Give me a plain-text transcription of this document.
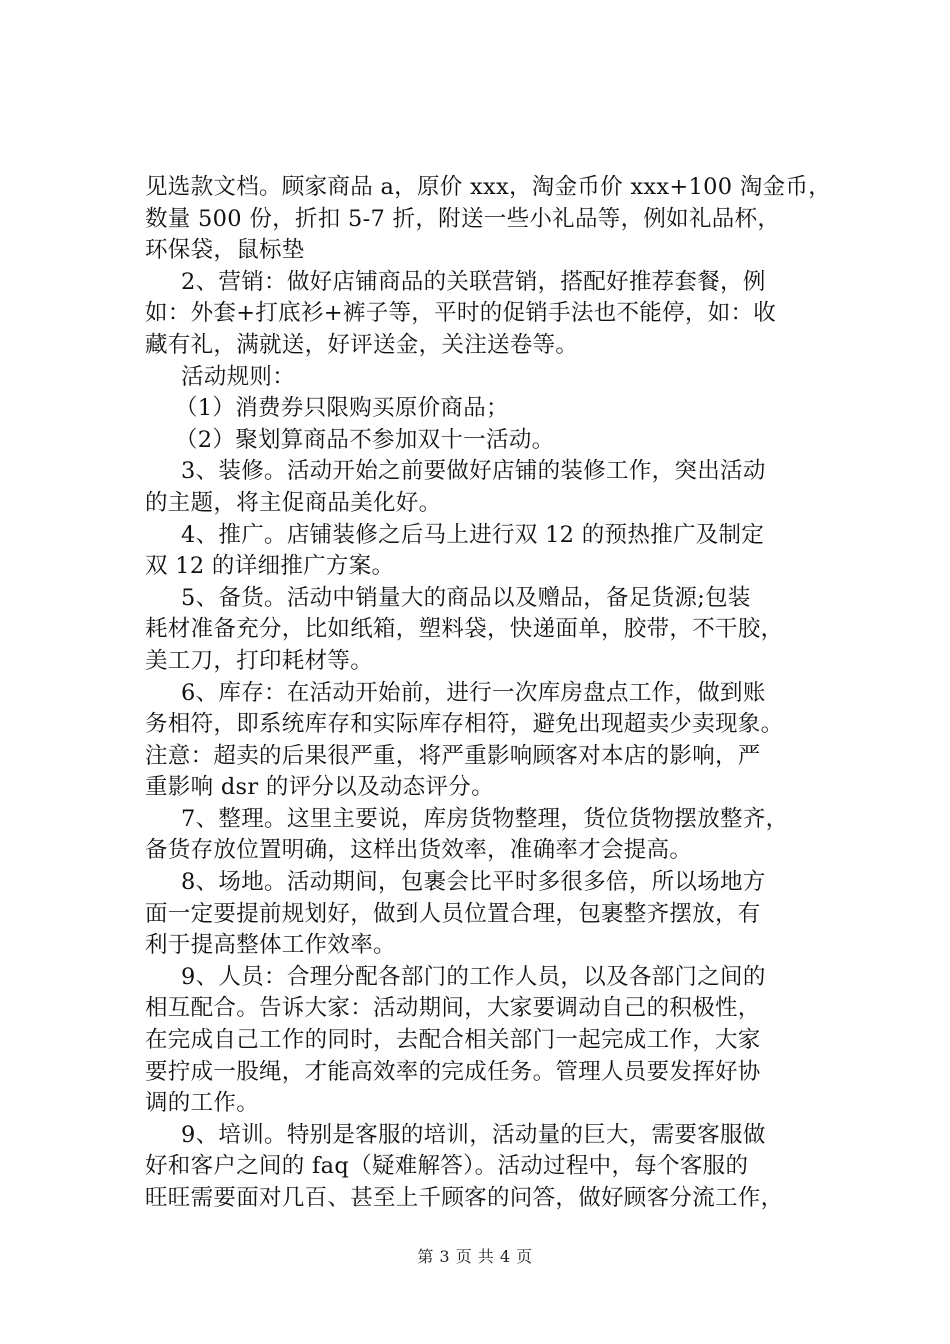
见选款文档。顾家商品 a，原价 xxx，淘金币价 xxx+100 淘金币，
数量 500 份，折扣 5-7 折，附送一些小礼品等，例如礼品杯，
环保袋，鼠标垫
2、营销：做好店铺商品的关联营销，搭配好推荐套餐，例
如：外套+打底衫+裤子等，平时的促销手法也不能停，如：收
藏有礼，满就送，好评送金，关注送卷等。
活动规则：
（1）消费券只限购买原价商品；
（2）聚划算商品不参加双十一活动。
3、装修。活动开始之前要做好店铺的装修工作，突出活动
的主题，将主促商品美化好。
4、推广。店铺装修之后马上进行双 12 的预热推广及制定
双 12 的详细推广方案。
5、备货。活动中销量大的商品以及赠品，备足货源;包装
耗材准备充分，比如纸箱，塑料袋，快递面单，胶带，不干胶，
美工刀，打印耗材等。
6、库存：在活动开始前，进行一次库房盘点工作，做到账
务相符，即系统库存和实际库存相符，避免出现超卖少卖现象。
注意：超卖的后果很严重，将严重影响顾客对本店的影响，严
重影响 dsr 的评分以及动态评分。
7、整理。这里主要说，库房货物整理，货位货物摆放整齐，
备货存放位置明确，这样出货效率，准确率才会提高。
8、场地。活动期间，包裹会比平时多很多倍，所以场地方
面一定要提前规划好，做到人员位置合理，包裹整齐摆放，有
利于提高整体工作效率。
9、人员：合理分配各部门的工作人员，以及各部门之间的
相互配合。告诉大家：活动期间，大家要调动自己的积极性，
在完成自己工作的同时，去配合相关部门一起完成工作，大家
要拧成一股绳，才能高效率的完成任务。管理人员要发挥好协
调的工作。
9、培训。特别是客服的培训，活动量的巨大，需要客服做
好和客户之间的 faq（疑难解答）。活动过程中，每个客服的
旺旺需要面对几百、甚至上千顾客的问答，做好顾客分流工作，
第 3 页 共 4 页
